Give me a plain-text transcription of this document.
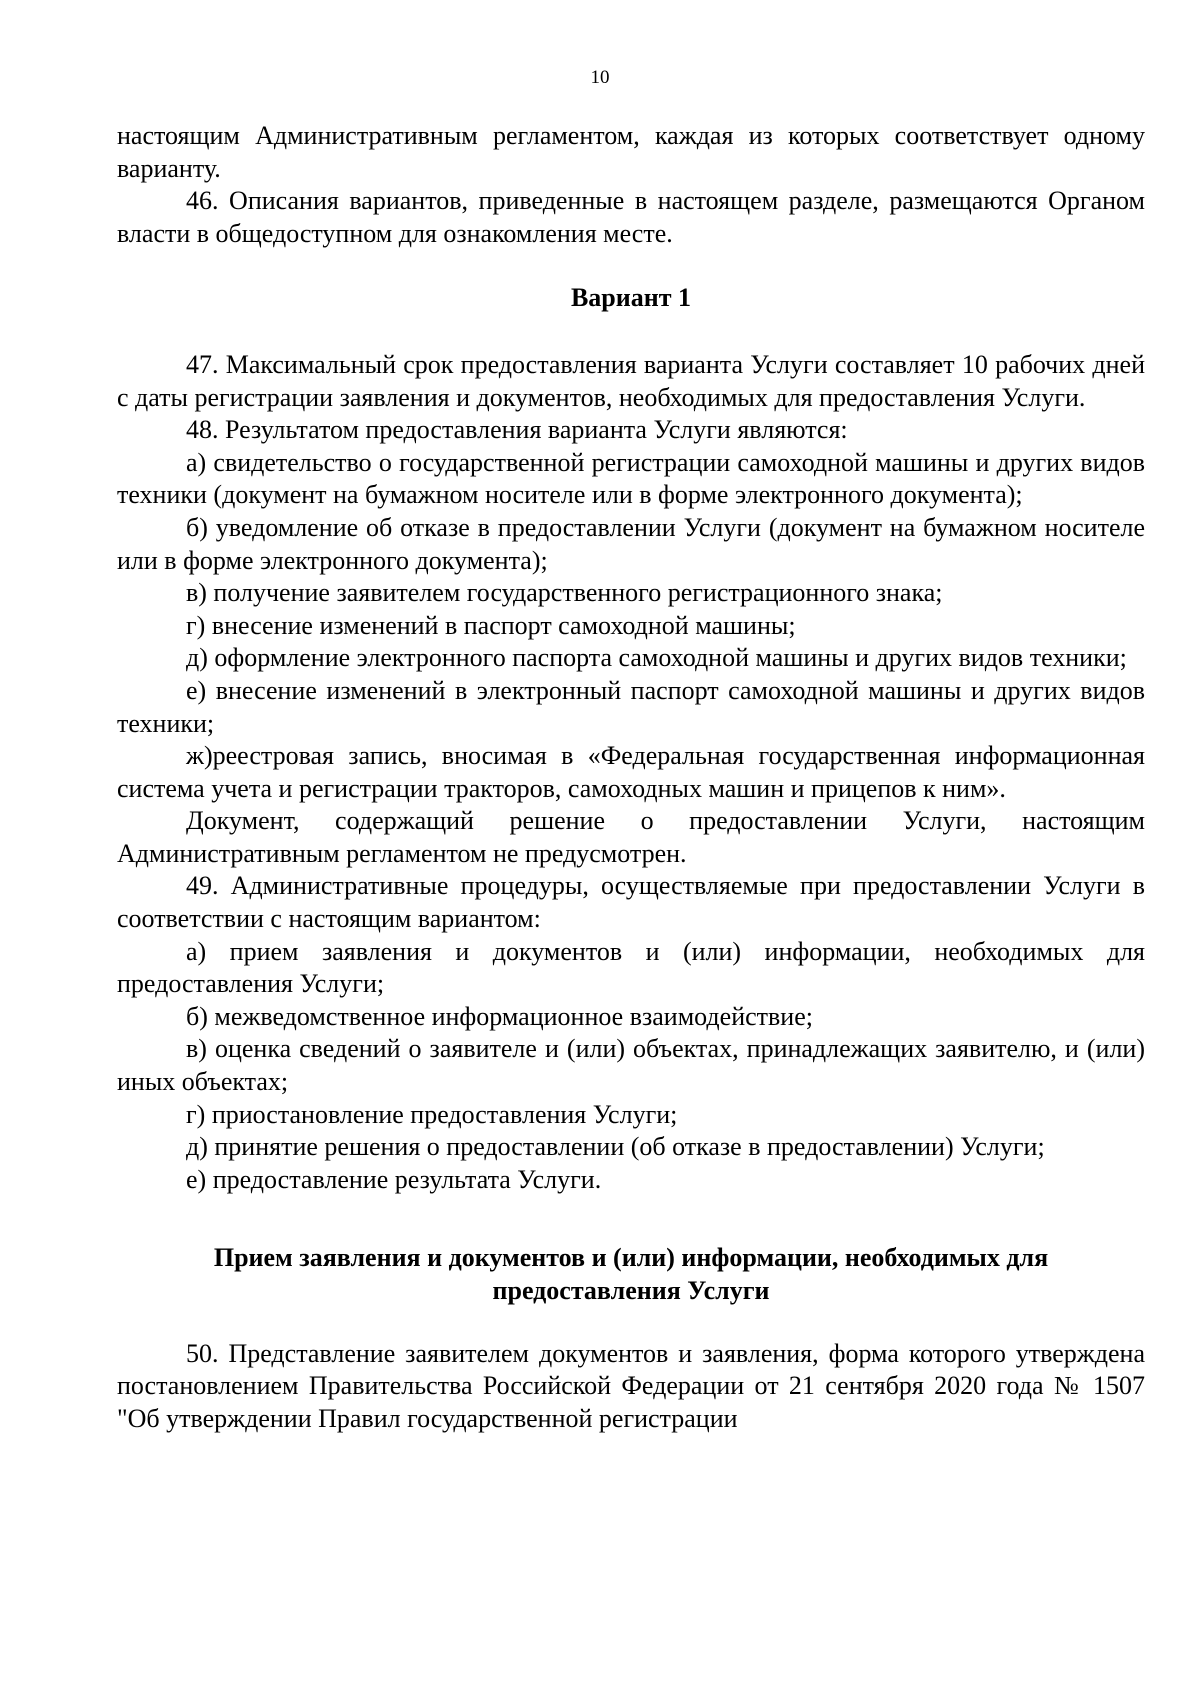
10

настоящим Административным регламентом, каждая из которых соответствует одному варианту.

46. Описания вариантов, приведенные в настоящем разделе, размещаются Органом власти в общедоступном для ознакомления месте.

Вариант 1

47. Максимальный срок предоставления варианта Услуги составляет 10 рабочих дней с даты регистрации заявления и документов, необходимых для предоставления Услуги.

48. Результатом предоставления варианта Услуги являются:

а) свидетельство о государственной регистрации самоходной машины и других видов техники (документ на бумажном носителе или в форме электронного документа);

б) уведомление об отказе в предоставлении Услуги (документ на бумажном носителе или в форме электронного документа);

в) получение заявителем государственного регистрационного знака;

г) внесение изменений в паспорт самоходной машины;

д) оформление электронного паспорта самоходной машины и других видов техники;

е) внесение изменений в электронный паспорт самоходной машины и других видов техники;

ж)реестровая запись, вносимая в «Федеральная государственная информационная система учета и регистрации тракторов, самоходных машин и прицепов к ним».

Документ, содержащий решение о предоставлении Услуги, настоящим Административным регламентом не предусмотрен.

49. Административные процедуры, осуществляемые при предоставлении Услуги в соответствии с настоящим вариантом:

а) прием заявления и документов и (или) информации, необходимых для предоставления Услуги;

б) межведомственное информационное взаимодействие;

в) оценка сведений о заявителе и (или) объектах, принадлежащих заявителю, и (или) иных объектах;

г) приостановление предоставления Услуги;

д) принятие решения о предоставлении (об отказе в предоставлении) Услуги;

е) предоставление результата Услуги.

Прием заявления и документов и (или) информации, необходимых для
предоставления Услуги

50. Представление заявителем документов и заявления, форма которого утверждена постановлением Правительства Российской Федерации от 21 сентября 2020 года № 1507 "Об утверждении Правил государственной регистрации
